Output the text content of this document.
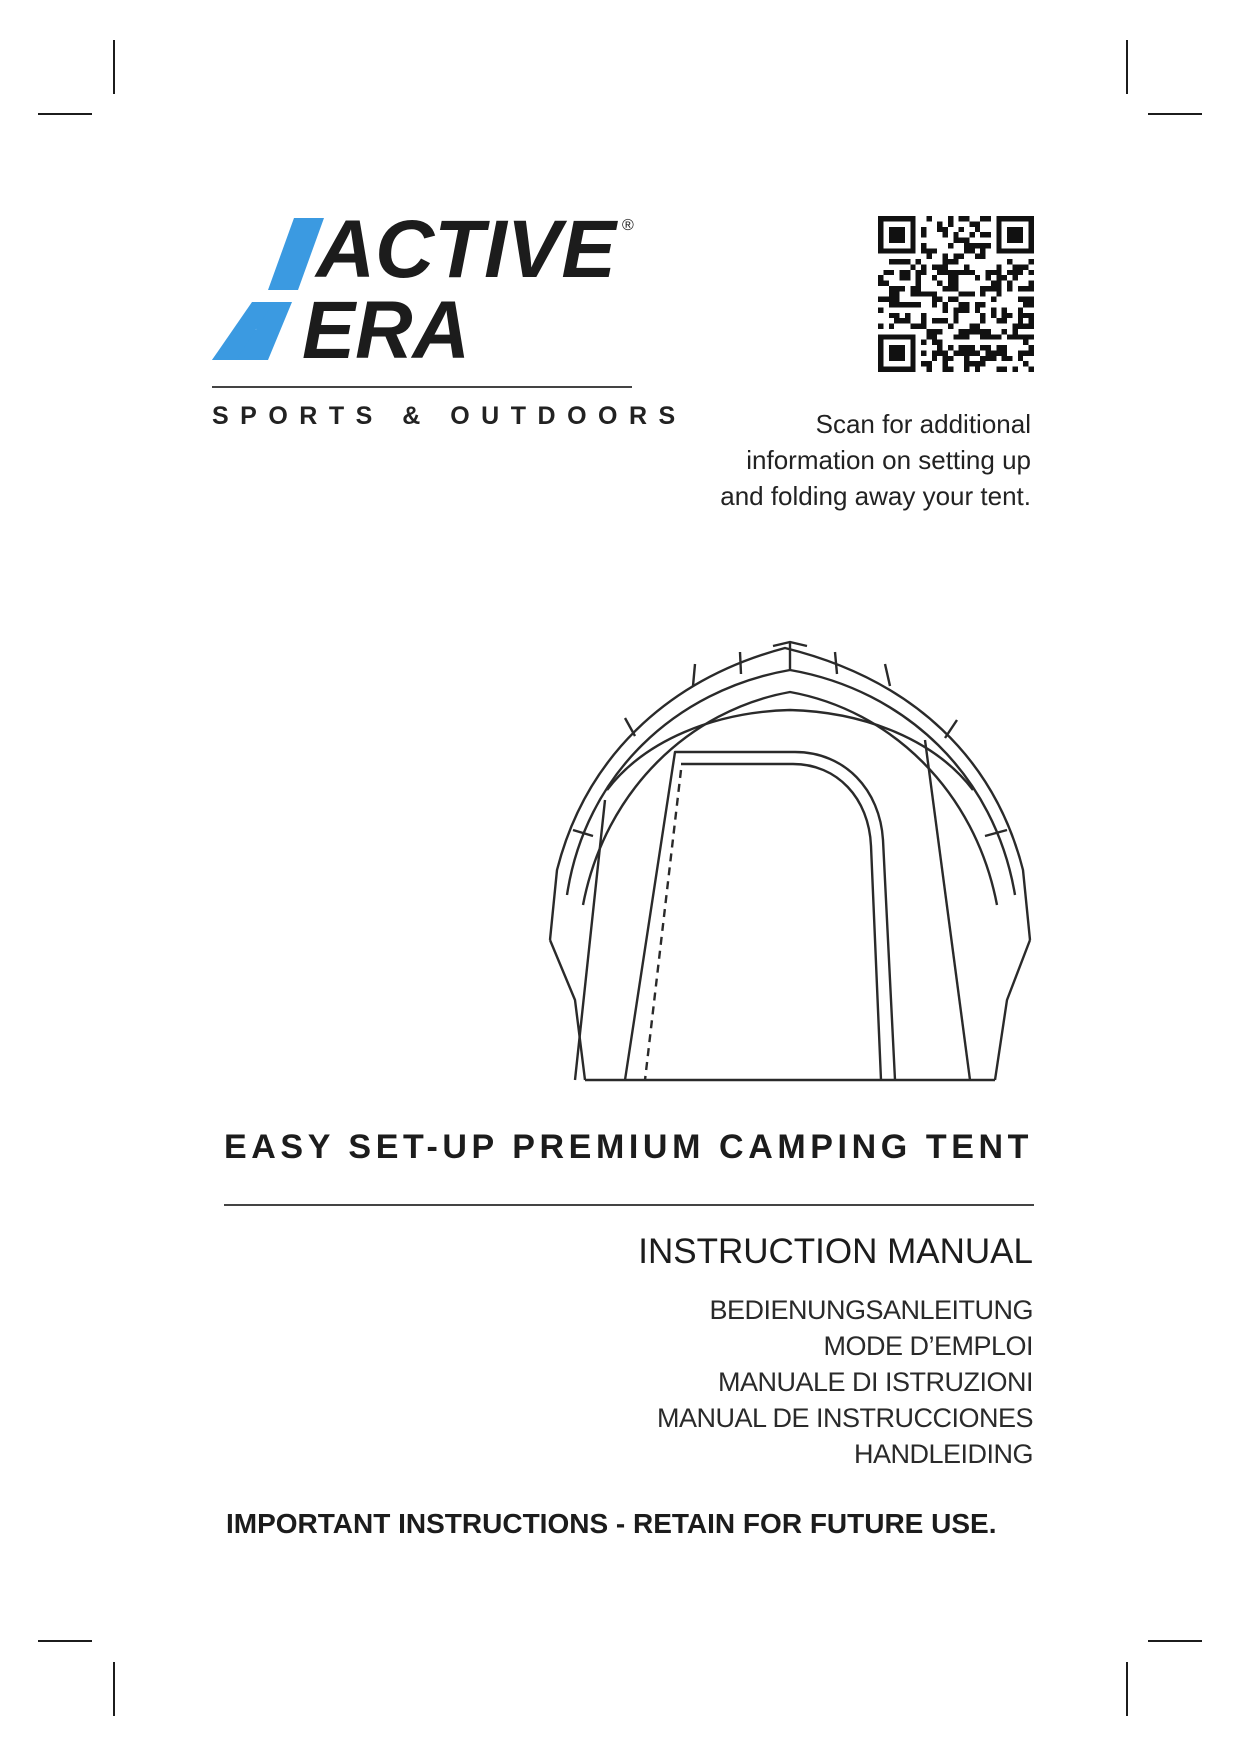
ACTIVE ®
ERA
SPORTS & OUTDOORS	Scan for additional
information on setting up
and folding away your tent.
EASY SET-UP PREMIUM CAMPING TENT
INSTRUCTION MANUAL
BEDIENUNGSANLEITUNG
MODE D’EMPLOI
MANUALE DI ISTRUZIONI
MANUAL DE INSTRUCCIONES
HANDLEIDING
IMPORTANT INSTRUCTIONS - RETAIN FOR FUTURE USE.
